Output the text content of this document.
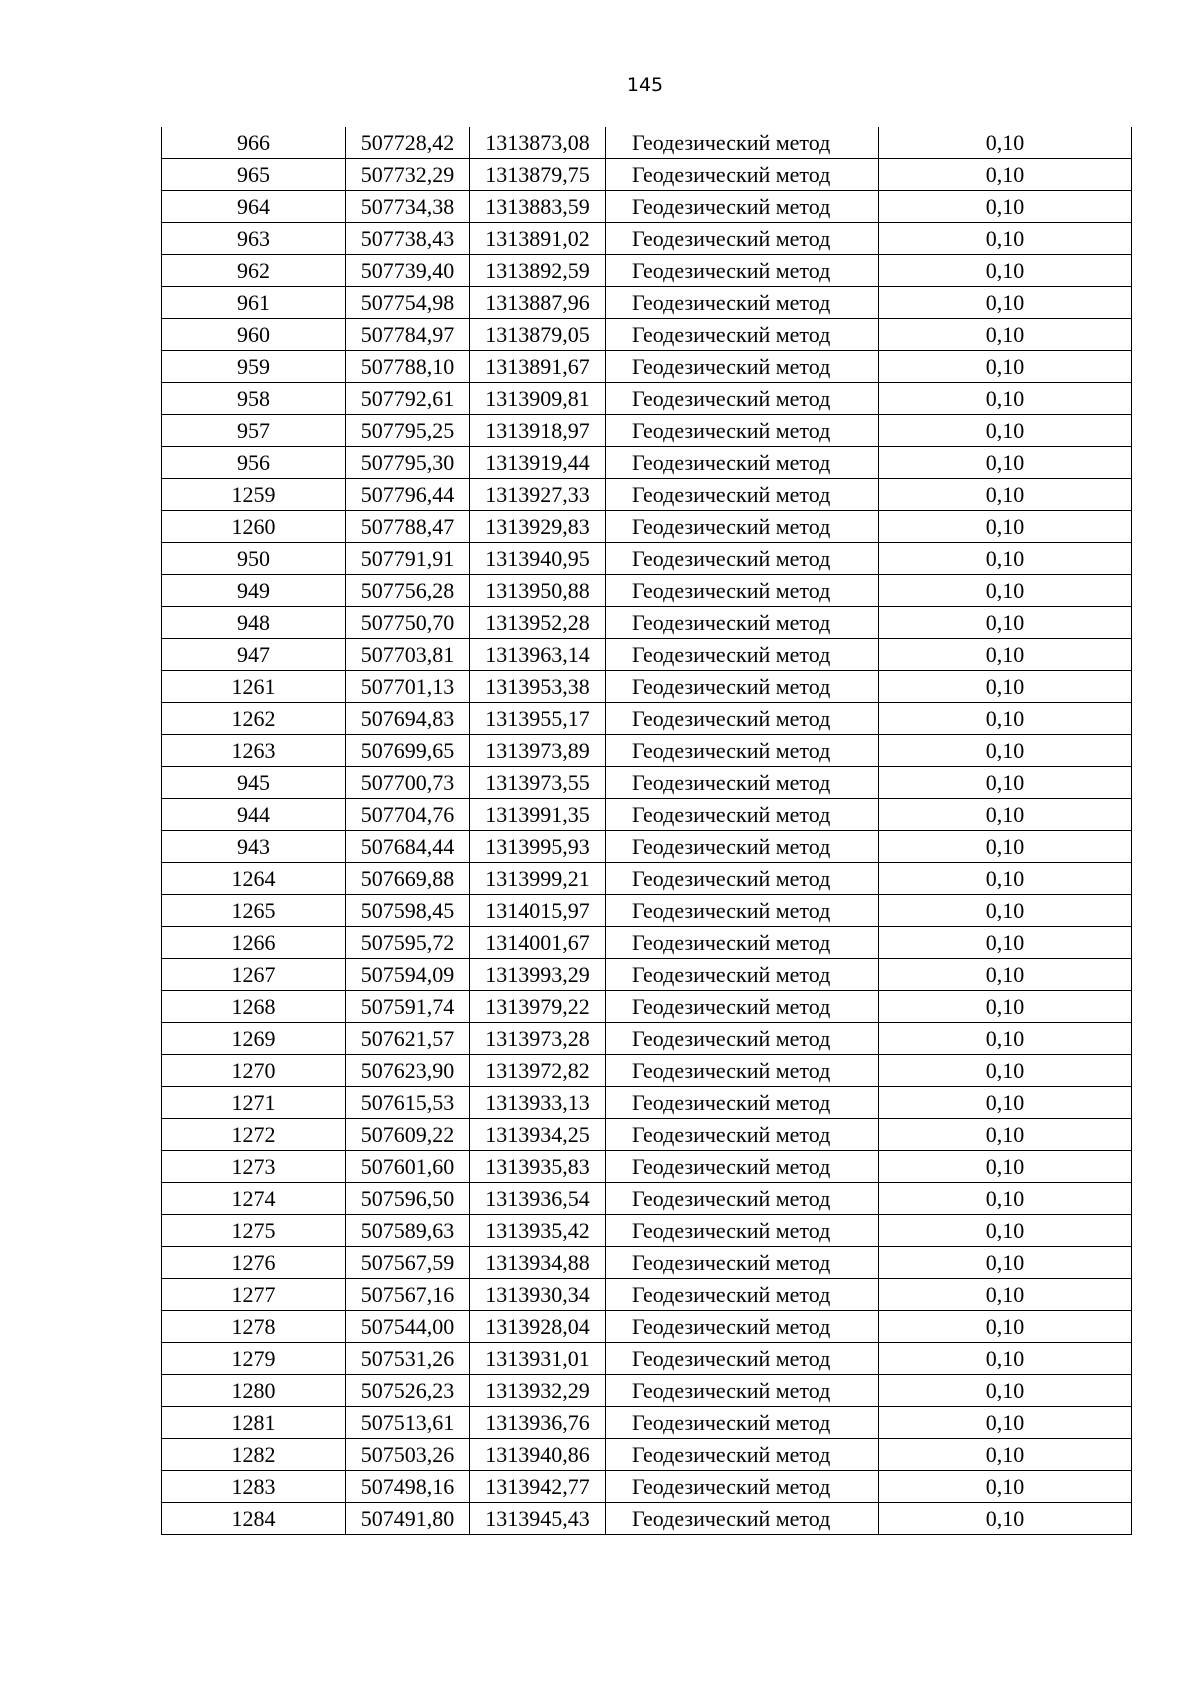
145
966	507728,42	1313873,08	Геодезический метод	0,10
965	507732,29	1313879,75	Геодезический метод	0,10
964	507734,38	1313883,59	Геодезический метод	0,10
963	507738,43	1313891,02	Геодезический метод	0,10
962	507739,40	1313892,59	Геодезический метод	0,10
961	507754,98	1313887,96	Геодезический метод	0,10
960	507784,97	1313879,05	Геодезический метод	0,10
959	507788,10	1313891,67	Геодезический метод	0,10
958	507792,61	1313909,81	Геодезический метод	0,10
957	507795,25	1313918,97	Геодезический метод	0,10
956	507795,30	1313919,44	Геодезический метод	0,10
1259	507796,44	1313927,33	Геодезический метод	0,10
1260	507788,47	1313929,83	Геодезический метод	0,10
950	507791,91	1313940,95	Геодезический метод	0,10
949	507756,28	1313950,88	Геодезический метод	0,10
948	507750,70	1313952,28	Геодезический метод	0,10
947	507703,81	1313963,14	Геодезический метод	0,10
1261	507701,13	1313953,38	Геодезический метод	0,10
1262	507694,83	1313955,17	Геодезический метод	0,10
1263	507699,65	1313973,89	Геодезический метод	0,10
945	507700,73	1313973,55	Геодезический метод	0,10
944	507704,76	1313991,35	Геодезический метод	0,10
943	507684,44	1313995,93	Геодезический метод	0,10
1264	507669,88	1313999,21	Геодезический метод	0,10
1265	507598,45	1314015,97	Геодезический метод	0,10
1266	507595,72	1314001,67	Геодезический метод	0,10
1267	507594,09	1313993,29	Геодезический метод	0,10
1268	507591,74	1313979,22	Геодезический метод	0,10
1269	507621,57	1313973,28	Геодезический метод	0,10
1270	507623,90	1313972,82	Геодезический метод	0,10
1271	507615,53	1313933,13	Геодезический метод	0,10
1272	507609,22	1313934,25	Геодезический метод	0,10
1273	507601,60	1313935,83	Геодезический метод	0,10
1274	507596,50	1313936,54	Геодезический метод	0,10
1275	507589,63	1313935,42	Геодезический метод	0,10
1276	507567,59	1313934,88	Геодезический метод	0,10
1277	507567,16	1313930,34	Геодезический метод	0,10
1278	507544,00	1313928,04	Геодезический метод	0,10
1279	507531,26	1313931,01	Геодезический метод	0,10
1280	507526,23	1313932,29	Геодезический метод	0,10
1281	507513,61	1313936,76	Геодезический метод	0,10
1282	507503,26	1313940,86	Геодезический метод	0,10
1283	507498,16	1313942,77	Геодезический метод	0,10
1284	507491,80	1313945,43	Геодезический метод	0,10
